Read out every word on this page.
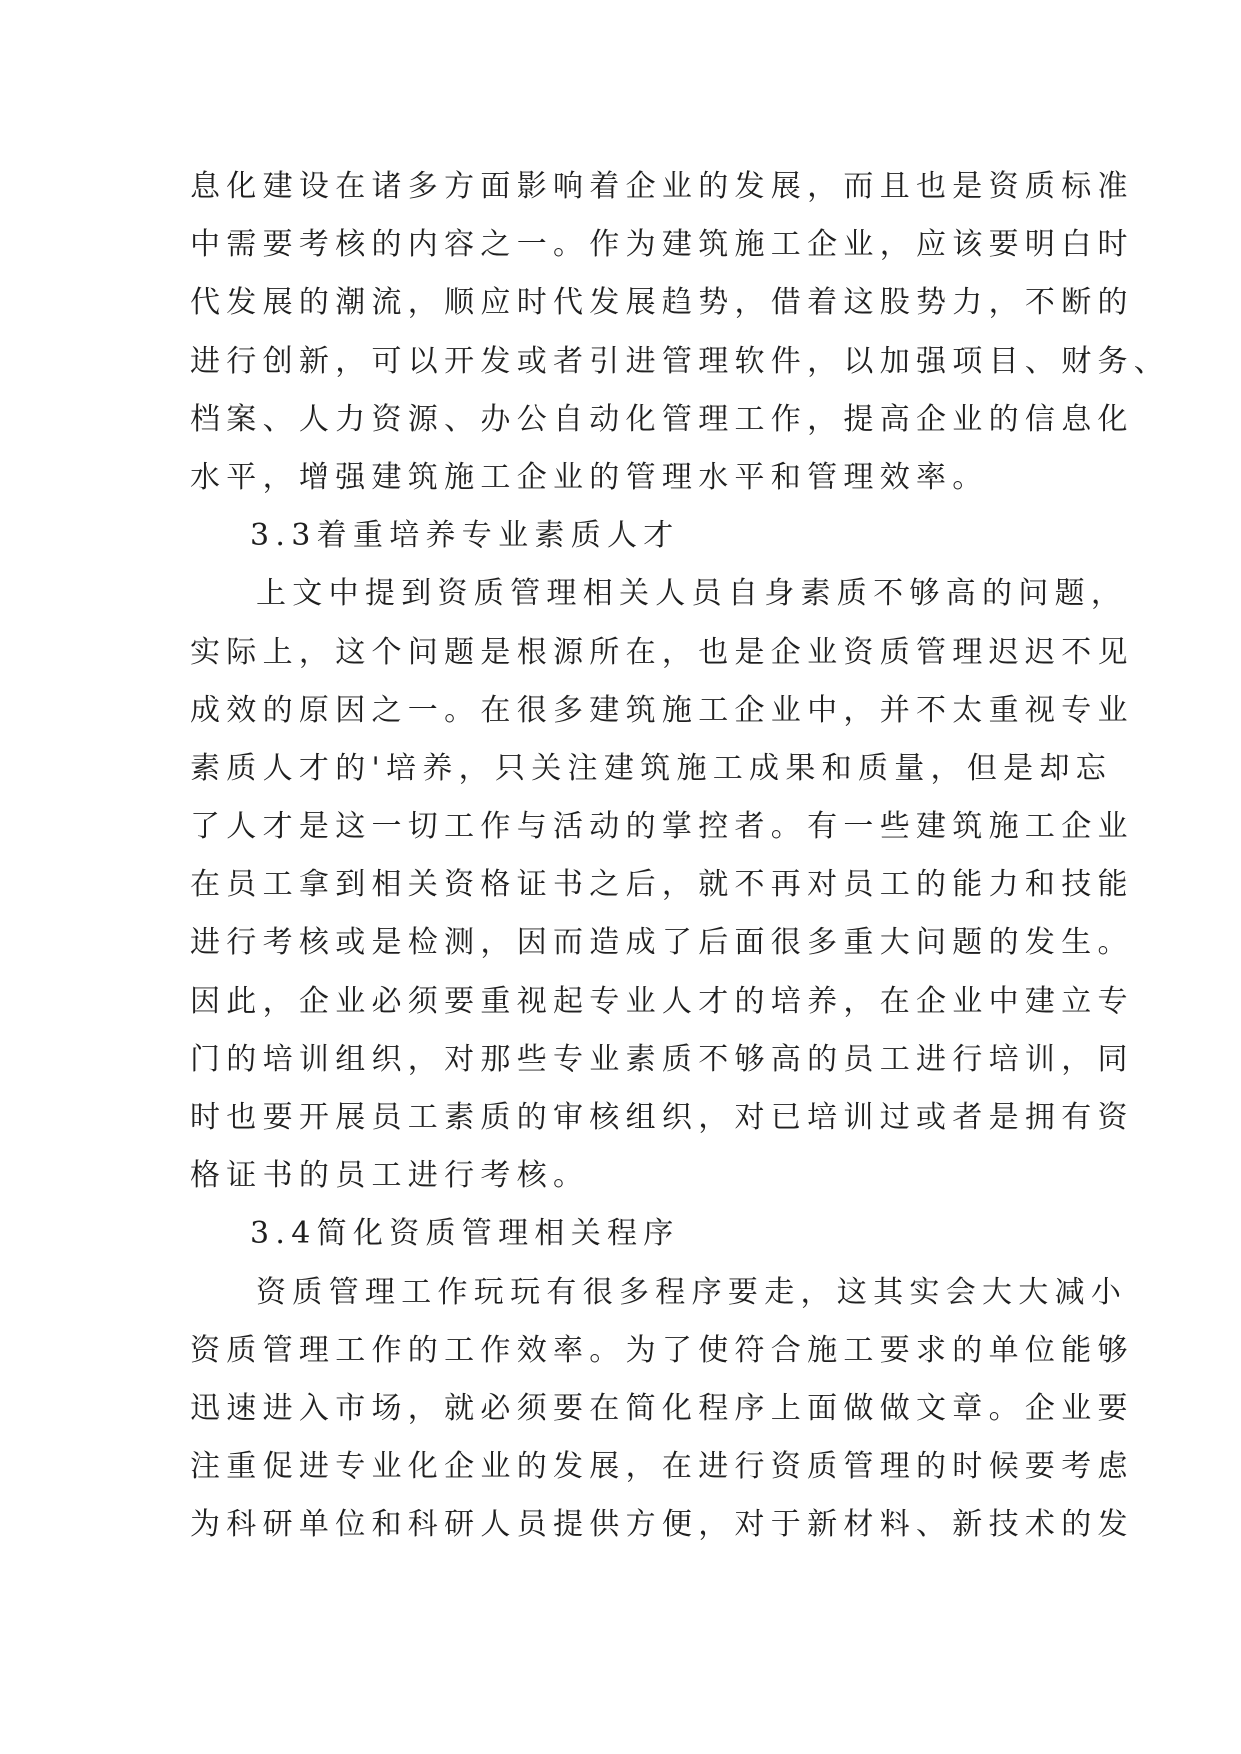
息化建设在诸多方面影响着企业的发展，而且也是资质标准
中需要考核的内容之一。作为建筑施工企业，应该要明白时
代发展的潮流，顺应时代发展趋势，借着这股势力，不断的
进行创新，可以开发或者引进管理软件，以加强项目、财务、
档案、人力资源、办公自动化管理工作，提高企业的信息化
水平，增强建筑施工企业的管理水平和管理效率。
3.3着重培养专业素质人才
上文中提到资质管理相关人员自身素质不够高的问题，
实际上，这个问题是根源所在，也是企业资质管理迟迟不见
成效的原因之一。在很多建筑施工企业中，并不太重视专业
素质人才的'培养，只关注建筑施工成果和质量，但是却忘
了人才是这一切工作与活动的掌控者。有一些建筑施工企业
在员工拿到相关资格证书之后，就不再对员工的能力和技能
进行考核或是检测，因而造成了后面很多重大问题的发生。
因此，企业必须要重视起专业人才的培养，在企业中建立专
门的培训组织，对那些专业素质不够高的员工进行培训，同
时也要开展员工素质的审核组织，对已培训过或者是拥有资
格证书的员工进行考核。
3.4简化资质管理相关程序
资质管理工作玩玩有很多程序要走，这其实会大大减小
资质管理工作的工作效率。为了使符合施工要求的单位能够
迅速进入市场，就必须要在简化程序上面做做文章。企业要
注重促进专业化企业的发展，在进行资质管理的时候要考虑
为科研单位和科研人员提供方便，对于新材料、新技术的发
